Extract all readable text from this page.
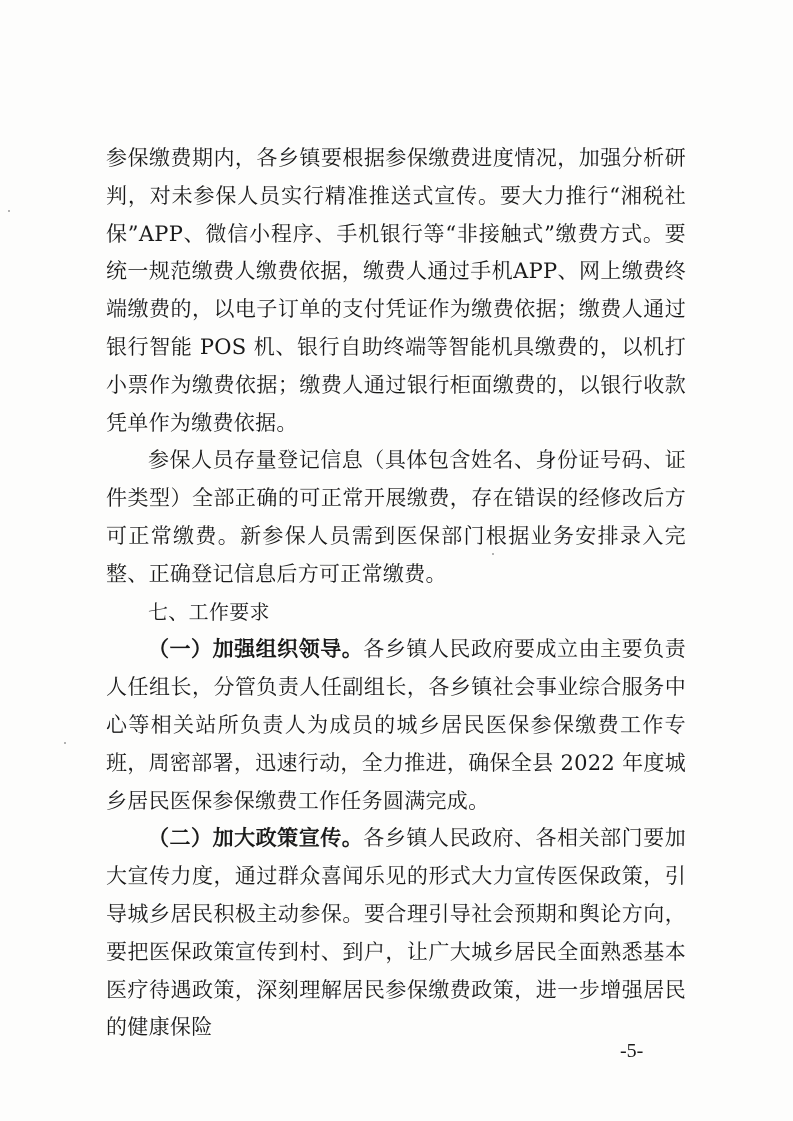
参保缴费期内，各乡镇要根据参保缴费进度情况，加强分析研判，对未参保人员实行精准推送式宣传。要大力推行“湘税社保”APP、微信小程序、手机银行等“非接触式”缴费方式。要统一规范缴费人缴费依据，缴费人通过手机APP、网上缴费终端缴费的，以电子订单的支付凭证作为缴费依据；缴费人通过银行智能 POS 机、银行自助终端等智能机具缴费的，以机打小票作为缴费依据；缴费人通过银行柜面缴费的，以银行收款凭单作为缴费依据。

参保人员存量登记信息（具体包含姓名、身份证号码、证件类型）全部正确的可正常开展缴费，存在错误的经修改后方可正常缴费。新参保人员需到医保部门根据业务安排录入完整、正确登记信息后方可正常缴费。

七、工作要求

（一）加强组织领导。各乡镇人民政府要成立由主要负责人任组长，分管负责人任副组长，各乡镇社会事业综合服务中心等相关站所负责人为成员的城乡居民医保参保缴费工作专班，周密部署，迅速行动，全力推进，确保全县 2022 年度城乡居民医保参保缴费工作任务圆满完成。

（二）加大政策宣传。各乡镇人民政府、各相关部门要加大宣传力度，通过群众喜闻乐见的形式大力宣传医保政策，引导城乡居民积极主动参保。要合理引导社会预期和舆论方向，要把医保政策宣传到村、到户，让广大城乡居民全面熟悉基本医疗待遇政策，深刻理解居民参保缴费政策，进一步增强居民的健康保险

-5-
